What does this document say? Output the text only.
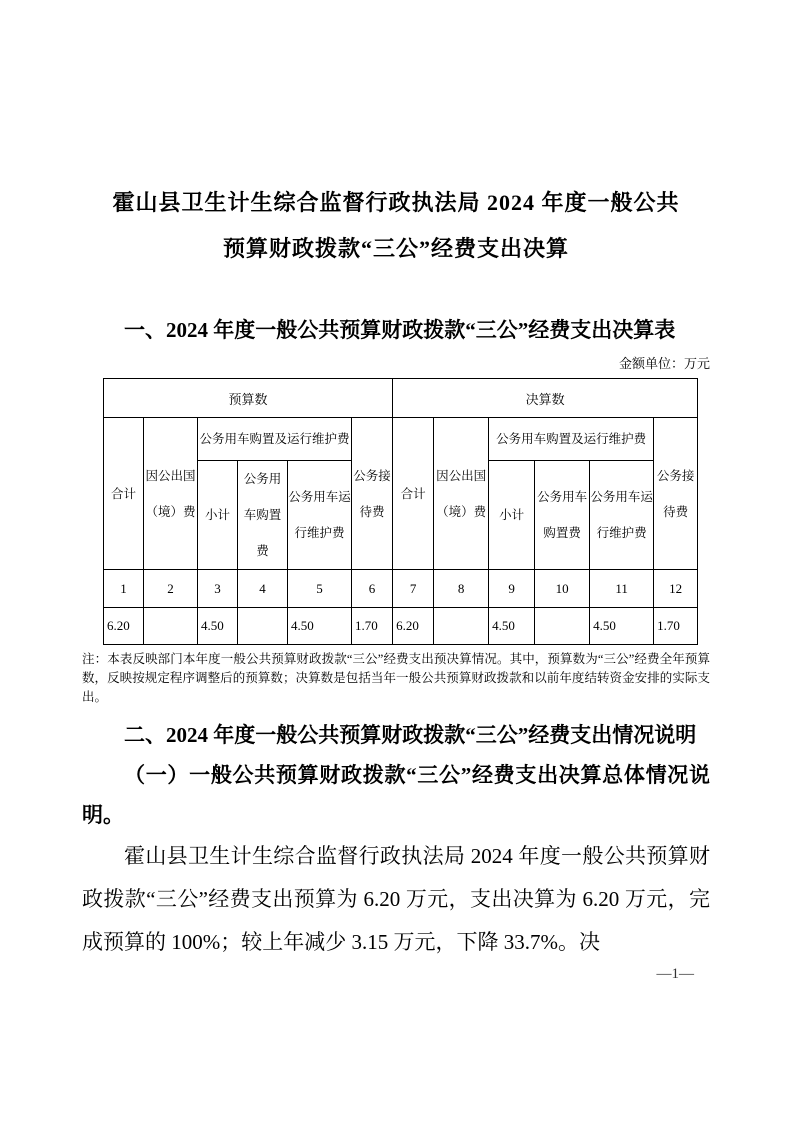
霍山县卫生计生综合监督行政执法局 2024 年度一般公共
预算财政拨款“三公”经费支出决算
一、2024 年度一般公共预算财政拨款“三公”经费支出决算表
金额单位：万元
预算数						决算数					
合计	因公出国（境）费	公务用车购置及运行维护费			公务接待费	合计	因公出国（境）费	公务用车购置及运行维护费			公务接待费
		小计	公务用车购置费	公务用车运行维护费				小计	公务用车购置费	公务用车运行维护费	
1	2	3	4	5	6	7	8	9	10	11	12
6.20		4.50		4.50	1.70	6.20		4.50		4.50	1.70

注：本表反映部门本年度一般公共预算财政拨款“三公”经费支出预决算情况。其中，预算数为“三公”经费全年预算数，反映按规定程序调整后的预算数；决算数是包括当年一般公共预算财政拨款和以前年度结转资金安排的实际支出。

二、2024 年度一般公共预算财政拨款“三公”经费支出情况说明
（一）一般公共预算财政拨款“三公”经费支出决算总体情况说明。

霍山县卫生计生综合监督行政执法局 2024 年度一般公共预算财政拨款“三公”经费支出预算为 6.20 万元，支出决算为 6.20 万元，完成预算的 100%；较上年减少 3.15 万元，下降 33.7%。决

—1—
